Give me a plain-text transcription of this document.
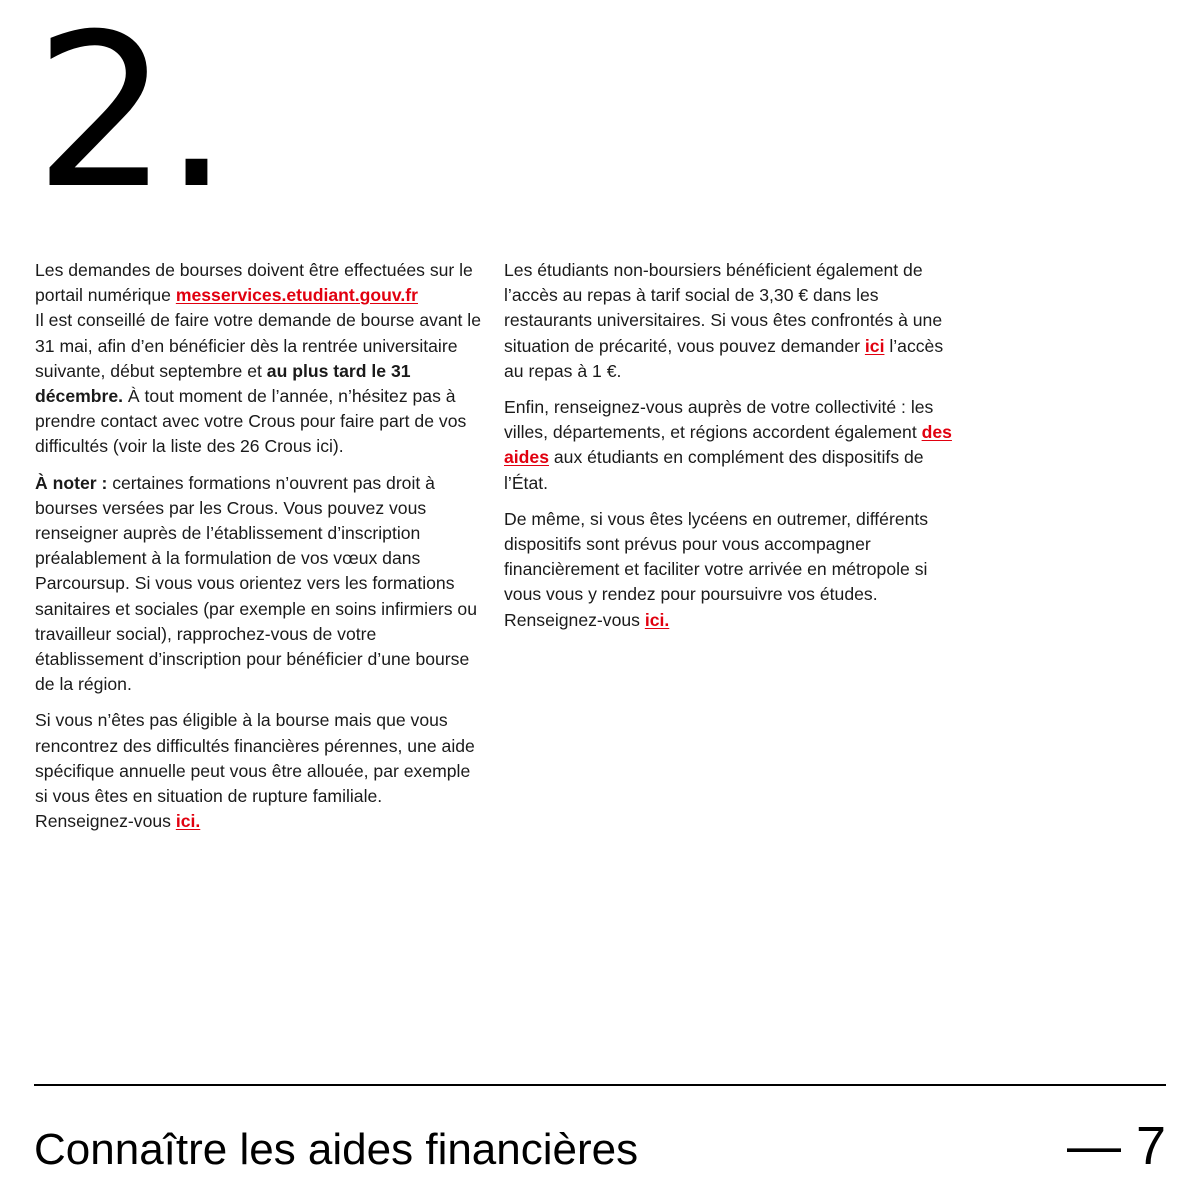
2.

Les demandes de bourses doivent être effectuées sur le portail numérique messervices.etudiant.gouv.fr
Il est conseillé de faire votre demande de bourse avant le 31 mai, afin d’en bénéficier dès la rentrée universitaire suivante, début septembre et au plus tard le 31 décembre. À tout moment de l’année, n’hésitez pas à prendre contact avec votre Crous pour faire part de vos difficultés (voir la liste des 26 Crous ici).

À noter : certaines formations n’ouvrent pas droit à bourses versées par les Crous. Vous pouvez vous renseigner auprès de l’établissement d’inscription préalablement à la formulation de vos vœux dans Parcoursup. Si vous vous orientez vers les formations sanitaires et sociales (par exemple en soins infirmiers ou travailleur social), rapprochez-vous de votre établissement d’inscription pour bénéficier d’une bourse de la région.

Si vous n’êtes pas éligible à la bourse mais que vous rencontrez des difficultés financières pérennes, une aide spécifique annuelle peut vous être allouée, par exemple si vous êtes en situation de rupture familiale. Renseignez-vous ici.

Les étudiants non-boursiers bénéficient également de l’accès au repas à tarif social de 3,30 € dans les restaurants universitaires. Si vous êtes confrontés à une situation de précarité, vous pouvez demander ici l’accès au repas à 1 €.

Enfin, renseignez-vous auprès de votre collectivité : les villes, départements, et régions accordent également des aides aux étudiants en complément des dispositifs de l’État.

De même, si vous êtes lycéens en outremer, différents dispositifs sont prévus pour vous accompagner financièrement et faciliter votre arrivée en métropole si vous vous y rendez pour poursuivre vos études. Renseignez-vous ici.

Connaître les aides financières	— 7
